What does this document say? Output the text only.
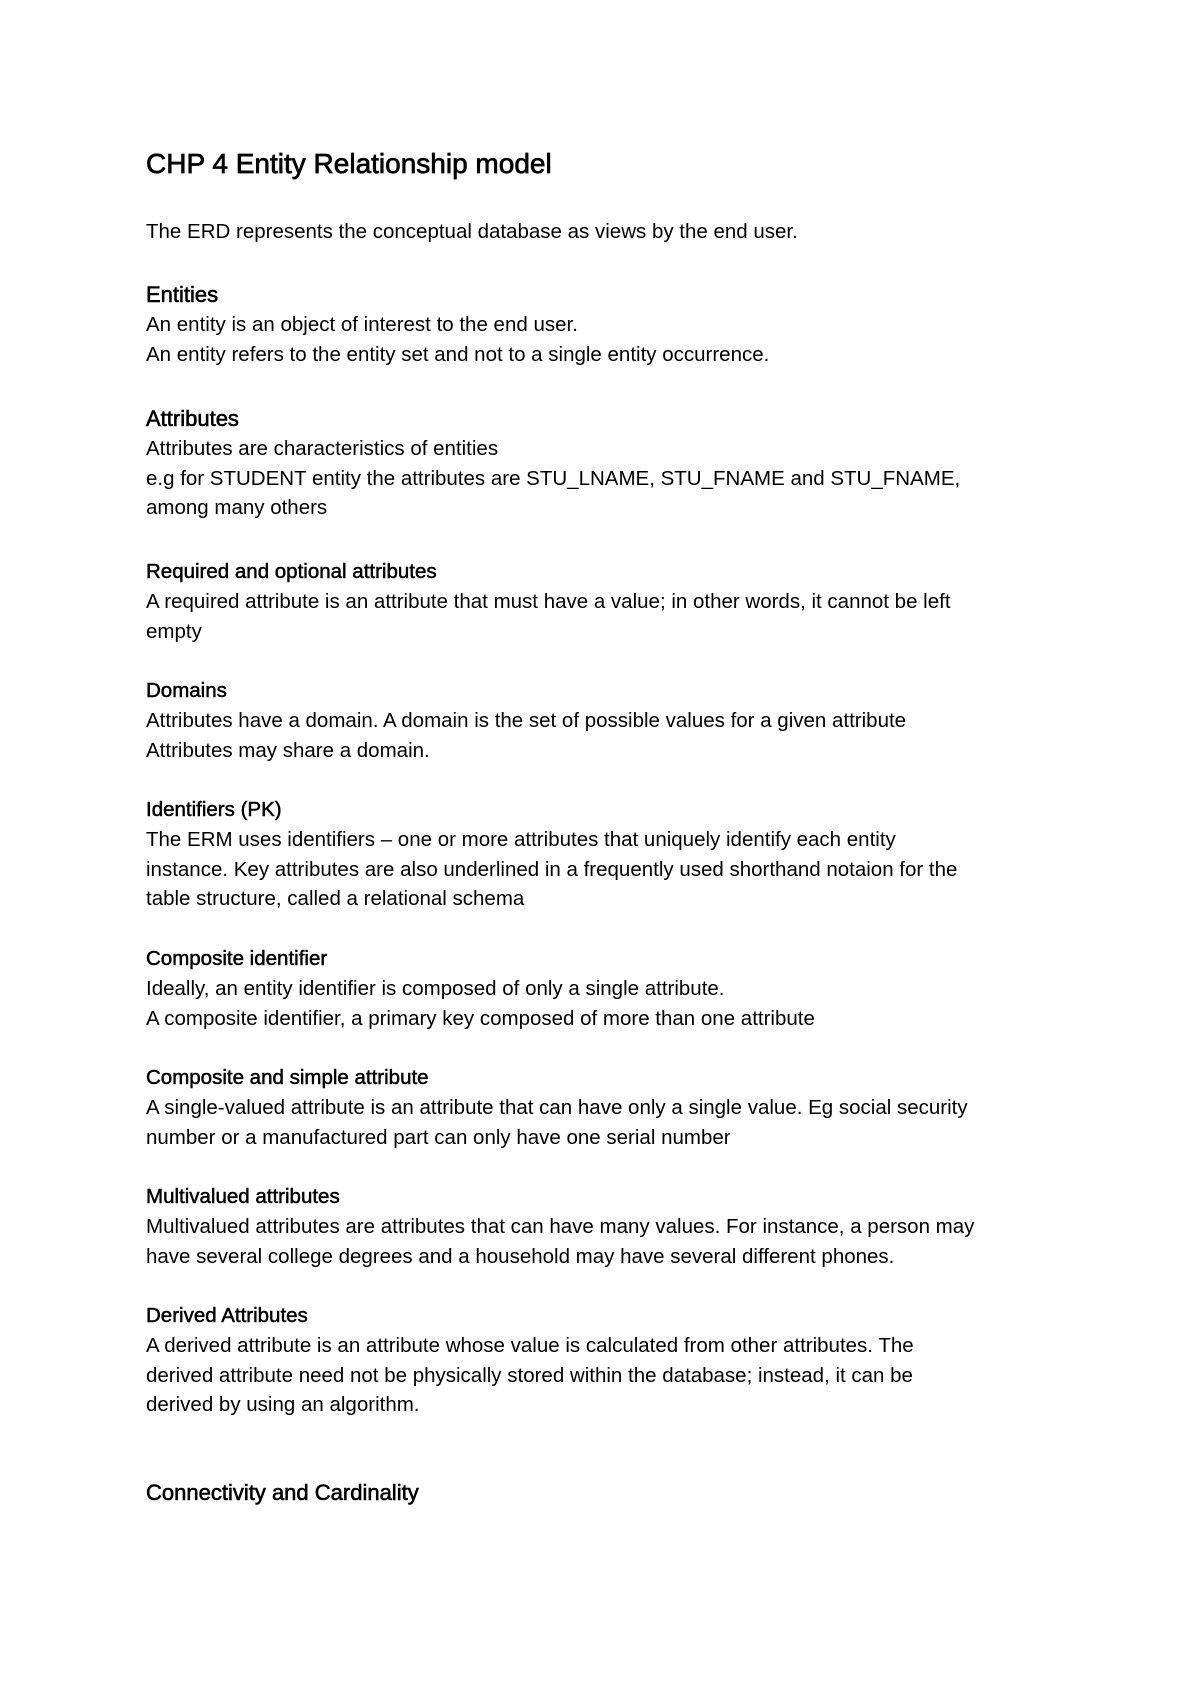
CHP 4 Entity Relationship model

The ERD represents the conceptual database as views by the end user.

Entities

An entity is an object of interest to the end user.

An entity refers to the entity set and not to a single entity occurrence.

Attributes

Attributes are characteristics of entities

e.g for STUDENT entity the attributes are STU_LNAME, STU_FNAME and STU_FNAME,

among many others

Required and optional attributes

A required attribute is an attribute that must have a value; in other words, it cannot be left

empty

Domains

Attributes have a domain. A domain is the set of possible values for a given attribute

Attributes may share a domain.

Identifiers (PK)

The ERM uses identifiers – one or more attributes that uniquely identify each entity

instance. Key attributes are also underlined in a frequently used shorthand notaion for the

table structure, called a relational schema

Composite identifier

Ideally, an entity identifier is composed of only a single attribute.

A composite identifier, a primary key composed of more than one attribute

Composite and simple attribute

A single-valued attribute is an attribute that can have only a single value. Eg social security

number or a manufactured part can only have one serial number

Multivalued attributes

Multivalued attributes are attributes that can have many values. For instance, a person may

have several college degrees and a household may have several different phones.

Derived Attributes

A derived attribute is an attribute whose value is calculated from other attributes. The

derived attribute need not be physically stored within the database; instead, it can be

derived by using an algorithm.

Connectivity and Cardinality
